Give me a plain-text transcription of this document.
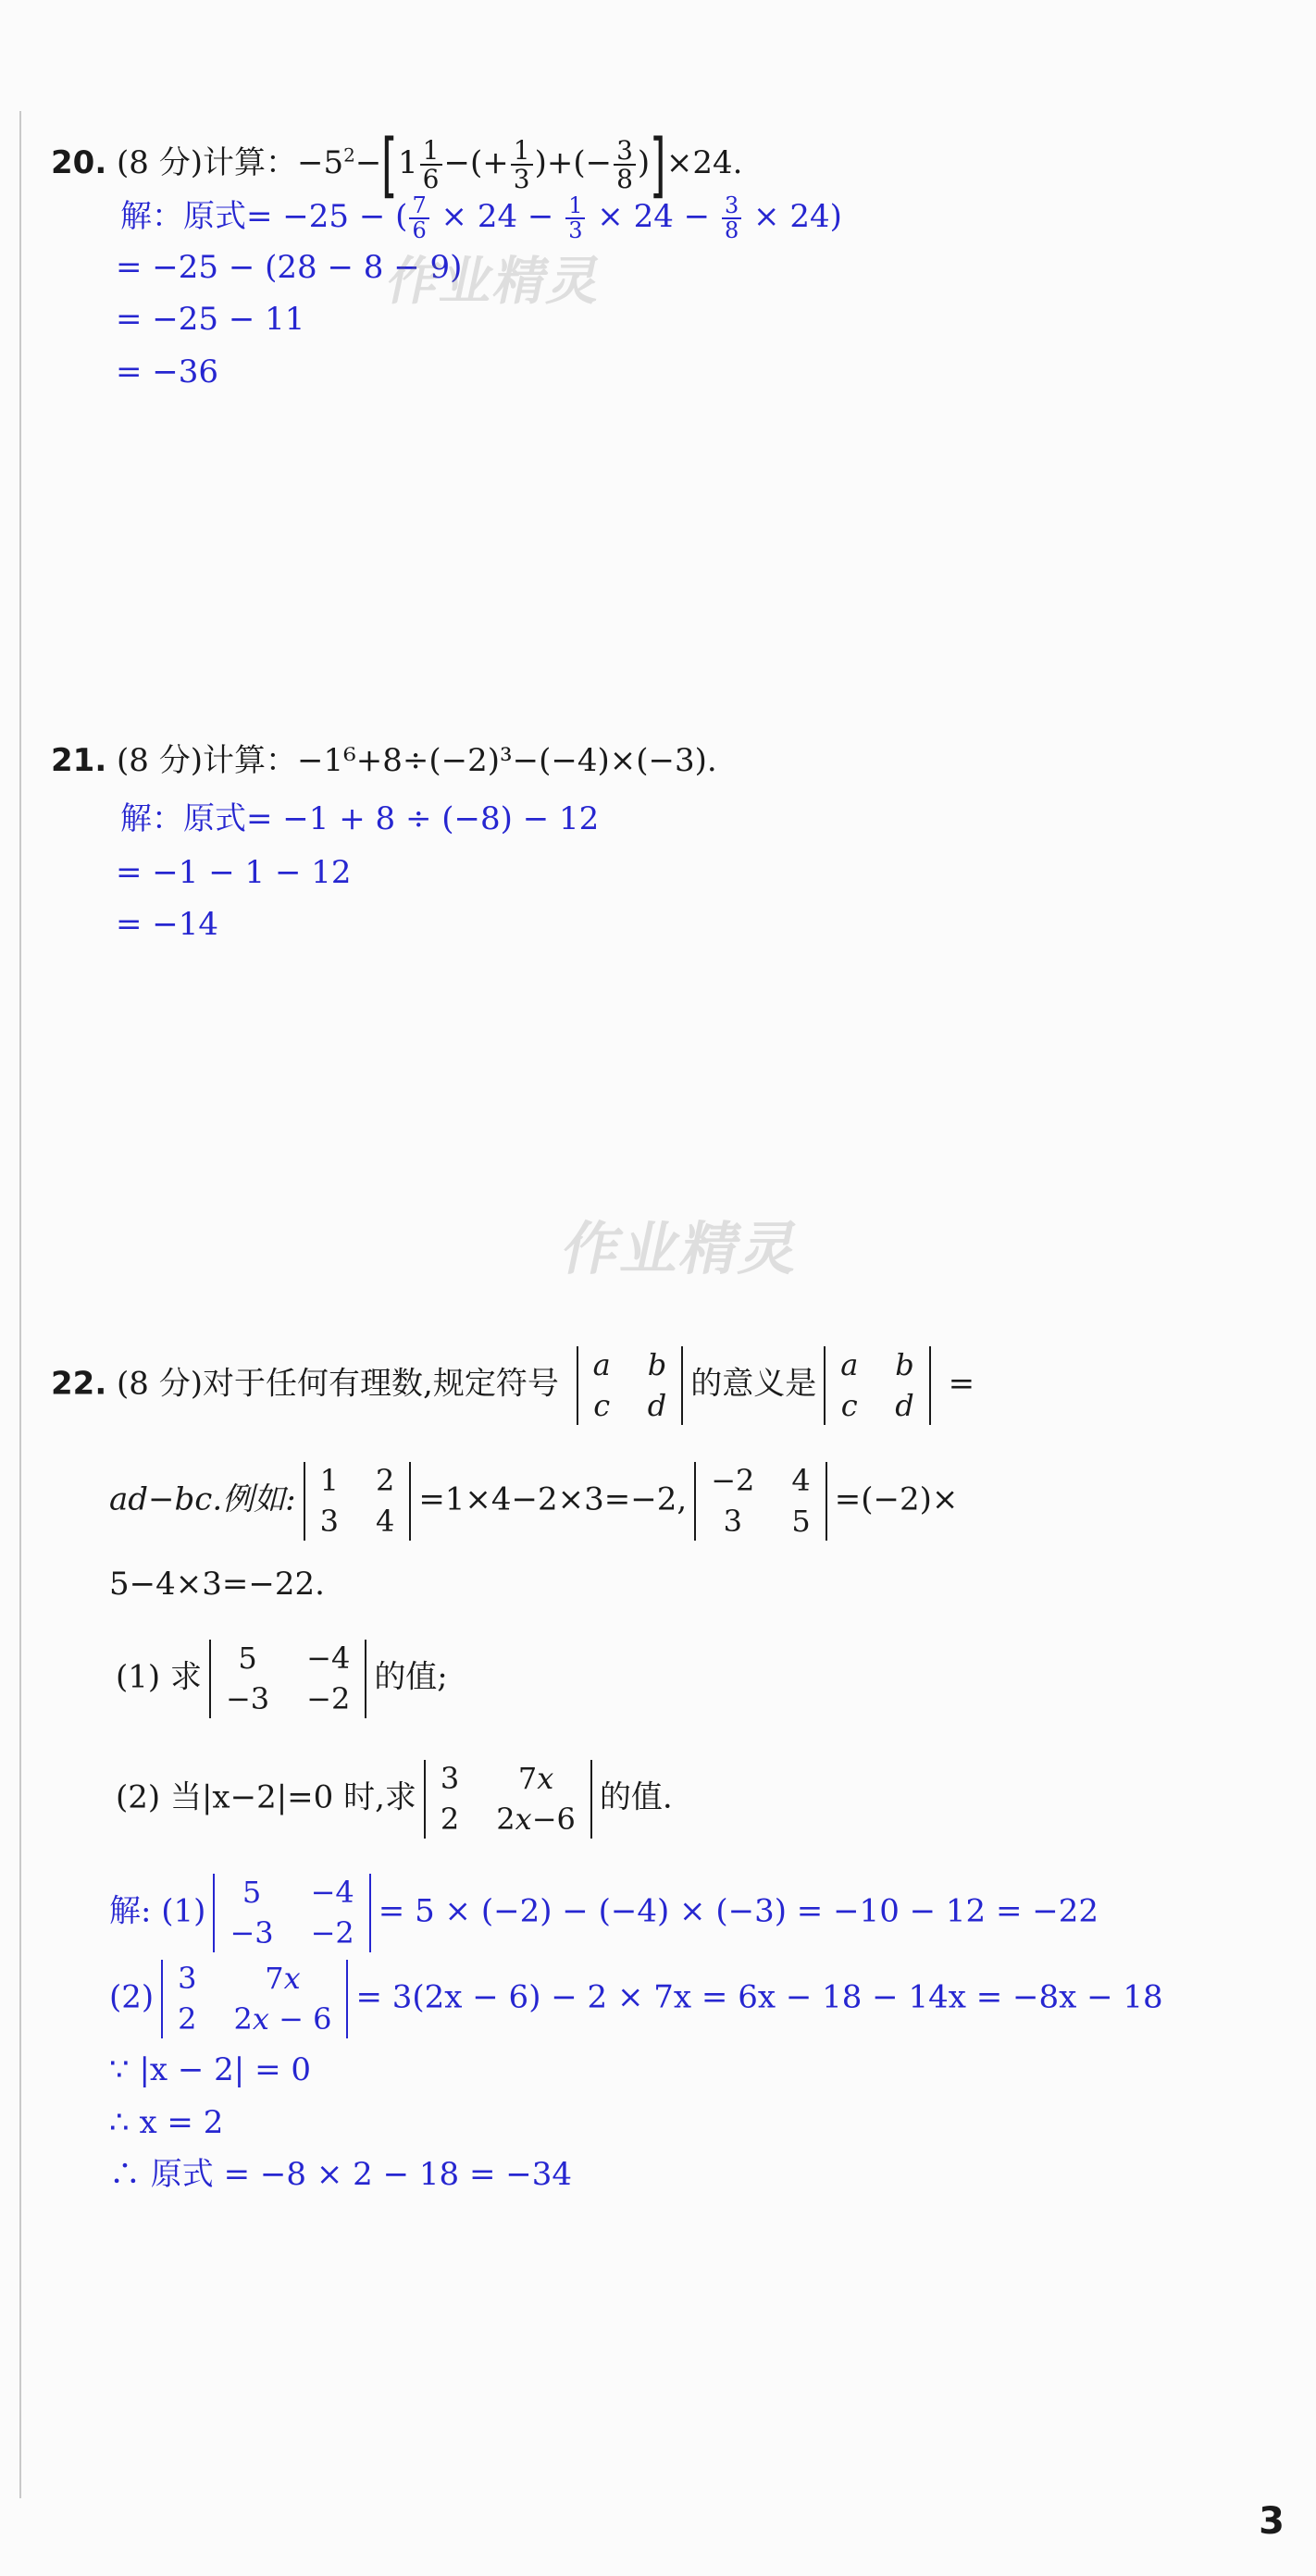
20. (8 分)计算：$-5^2-[1 \frac{1}{6}$ −(+ $\frac{1}{3}$ )+(− $\frac{3}{8} )]\times 24$.
解：原式= −25 − ( $\frac{7}{6} \times 24 - \frac{1}{3} \times 24 - \frac{3}{8} \times 24$)
= −25 − (28 − 8 − 9)
= −25 − 11
= −36
21. (8 分)计算：−1⁶+8÷(−2)³−(−4)×(−3).
解：原式= −1 + 8 ÷ (−8) − 12
= −1 − 1 − 12
= −14
作业精灵
作业精灵
22. (8 分)对于任何有理数,规定符号
a b
c d
的意义是
a b
c d
=
ad−bc.例如:
1 2
3 4
=1×4−2×3=−2,
−2 4
3	5
=(−2)×
5−4×3=−22.
(1) 求
5	−4
−3 −2
的值;
(2) 当|x−2|=0 时,求
3	7x
2 2x−6
的值.
解: (1)
5	−4
−3 −2
= 5 × (−2) − (−4) × (−3) = −10 − 12 = −22
(2)
3	7x
2 2x − 6
= 3(2x − 6) − 2 × 7x = 6x − 18 − 14x = −8x − 18
∵ |x − 2| = 0
∴ x = 2
∴ 原式 = −8 × 2 − 18 = −34
3
